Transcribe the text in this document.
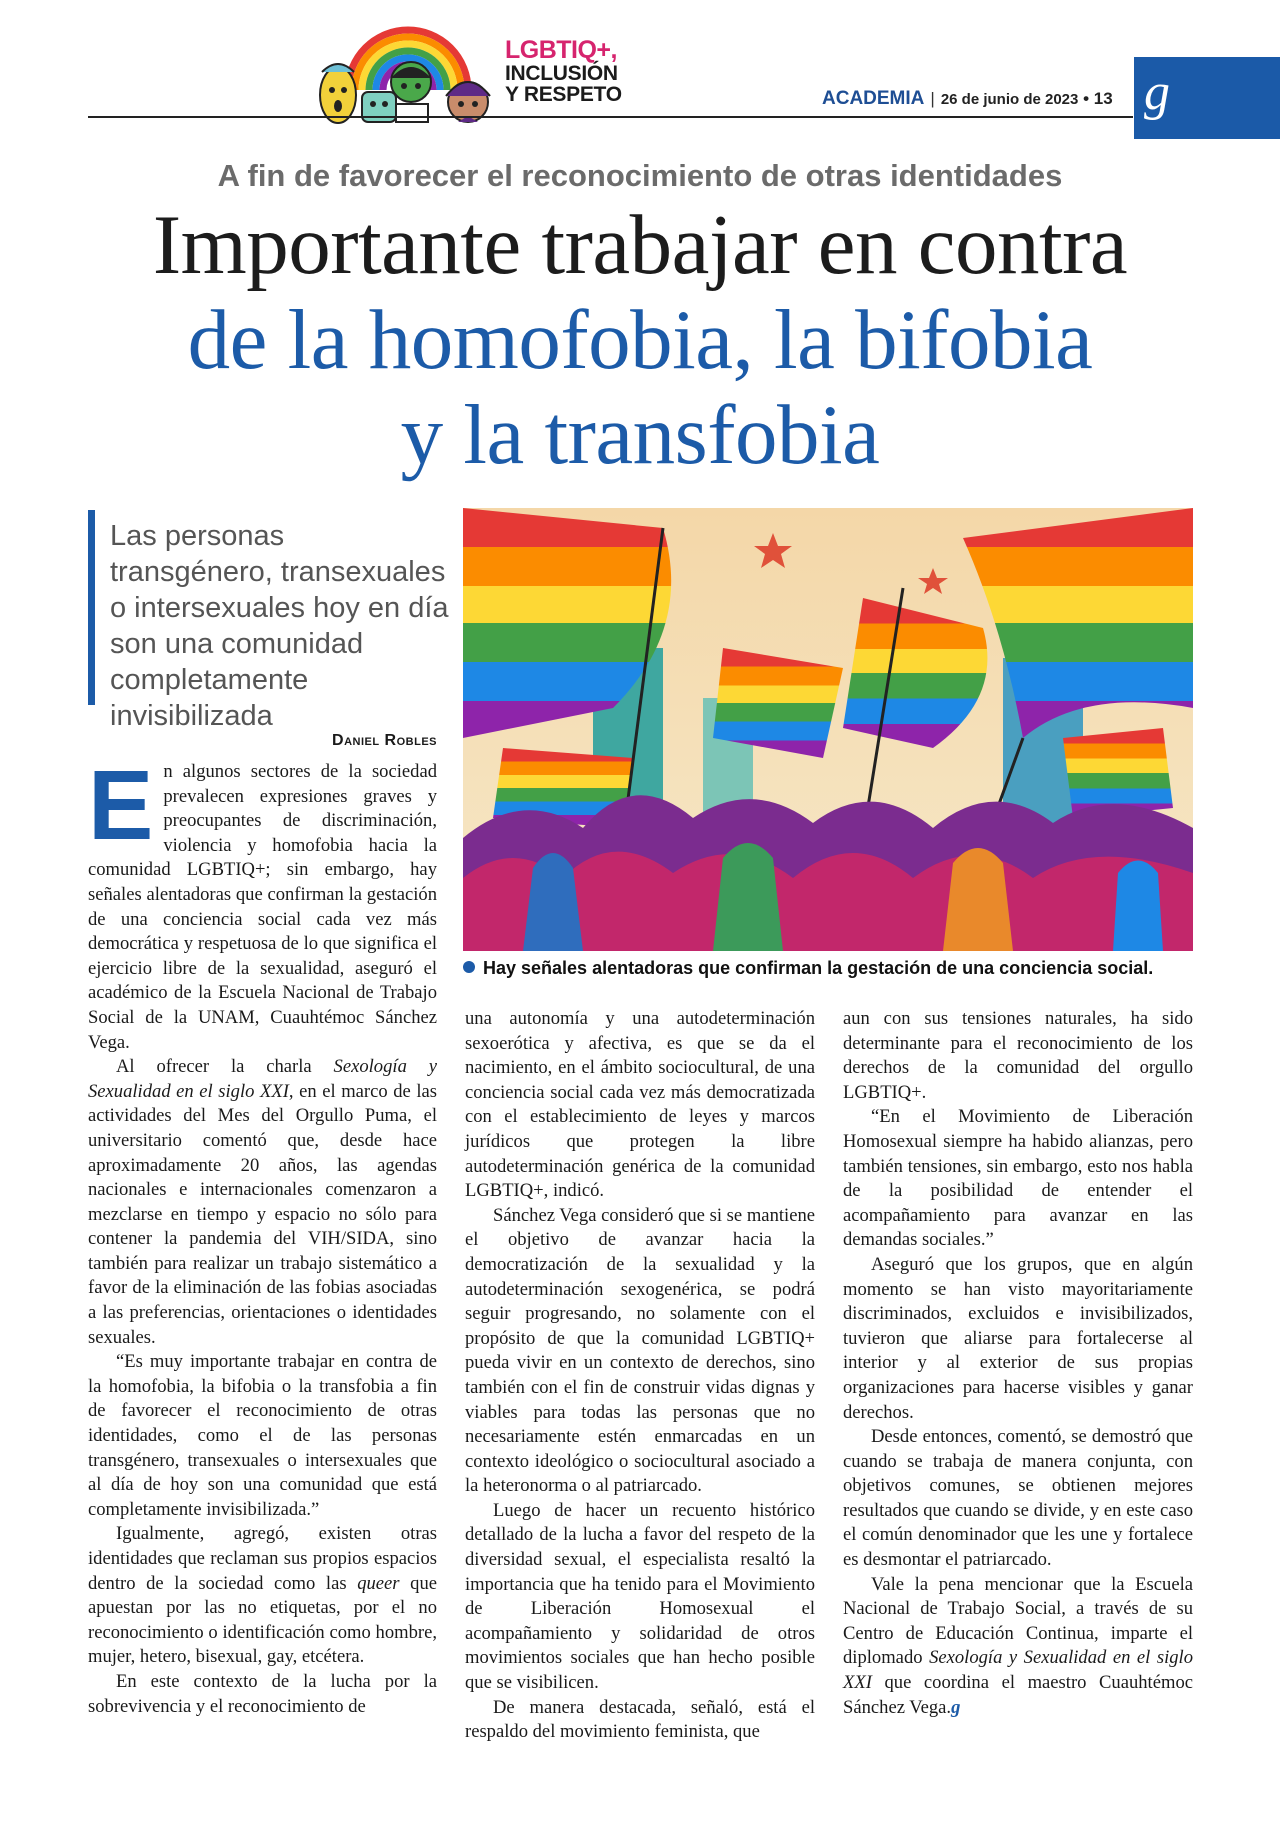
LGBTIQ+,
INCLUSIÓN
Y RESPETO	ACADEMIA | 26 de junio de 2023 • 13 g
A fin de favorecer el reconocimiento de otras identidades
Importante trabajar en contra
de la homofobia, la bifobia
y la transfobia
Las personas transgénero, transexuales o intersexuales hoy en día son una comunidad completamente invisibilizada
Hay señales alentadoras que confirman la gestación de una conciencia social.
Daniel Robles

En algunos sectores de la sociedad prevalecen expresiones graves y preocupantes de discriminación, violencia y homofobia hacia la comunidad LGBTIQ+; sin embargo, hay señales alentadoras que confirman la gestación de una conciencia social cada vez más democrática y respetuosa de lo que significa el ejercicio libre de la sexualidad, aseguró el académico de la Escuela Nacional de Trabajo Social de la UNAM, Cuauhtémoc Sánchez Vega.

Al ofrecer la charla Sexología y Sexualidad en el siglo XXI, en el marco de las actividades del Mes del Orgullo Puma, el universitario comentó que, desde hace aproximadamente 20 años, las agendas nacionales e internacionales comenzaron a mezclarse en tiempo y espacio no sólo para contener la pandemia del VIH/SIDA, sino también para realizar un trabajo sistemático a favor de la eliminación de las fobias asociadas a las preferencias, orientaciones o identidades sexuales.

“Es muy importante trabajar en contra de la homofobia, la bifobia o la transfobia a fin de favorecer el reconocimiento de otras identidades, como el de las personas transgénero, transexuales o intersexuales que al día de hoy son una comunidad que está completamente invisibilizada.”

Igualmente, agregó, existen otras identidades que reclaman sus propios espacios dentro de la sociedad como las queer que apuestan por las no etiquetas, por el no reconocimiento o identificación como hombre, mujer, hetero, bisexual, gay, etcétera.

En este contexto de la lucha por la sobrevivencia y el reconocimiento de

una autonomía y una autodeterminación sexoerótica y afectiva, es que se da el nacimiento, en el ámbito sociocultural, de una conciencia social cada vez más democratizada con el establecimiento de leyes y marcos jurídicos que protegen la libre autodeterminación genérica de la comunidad LGBTIQ+, indicó.

Sánchez Vega consideró que si se mantiene el objetivo de avanzar hacia la democratización de la sexualidad y la autodeterminación sexogenérica, se podrá seguir progresando, no solamente con el propósito de que la comunidad LGBTIQ+ pueda vivir en un contexto de derechos, sino también con el fin de construir vidas dignas y viables para todas las personas que no necesariamente estén enmarcadas en un contexto ideológico o sociocultural asociado a la heteronorma o al patriarcado.

Luego de hacer un recuento histórico detallado de la lucha a favor del respeto de la diversidad sexual, el especialista resaltó la importancia que ha tenido para el Movimiento de Liberación Homosexual el acompañamiento y solidaridad de otros movimientos sociales que han hecho posible que se visibilicen.

De manera destacada, señaló, está el respaldo del movimiento feminista, que

aun con sus tensiones naturales, ha sido determinante para el reconocimiento de los derechos de la comunidad del orgullo LGBTIQ+.

“En el Movimiento de Liberación Homosexual siempre ha habido alianzas, pero también tensiones, sin embargo, esto nos habla de la posibilidad de entender el acompañamiento para avanzar en las demandas sociales.”

Aseguró que los grupos, que en algún momento se han visto mayoritariamente discriminados, excluidos e invisibilizados, tuvieron que aliarse para fortalecerse al interior y al exterior de sus propias organizaciones para hacerse visibles y ganar derechos.

Desde entonces, comentó, se demostró que cuando se trabaja de manera conjunta, con objetivos comunes, se obtienen mejores resultados que cuando se divide, y en este caso el común denominador que les une y fortalece es desmontar el patriarcado.

Vale la pena mencionar que la Escuela Nacional de Trabajo Social, a través de su Centro de Educación Continua, imparte el diplomado Sexología y Sexualidad en el siglo XXI que coordina el maestro Cuauhtémoc Sánchez Vega.g
